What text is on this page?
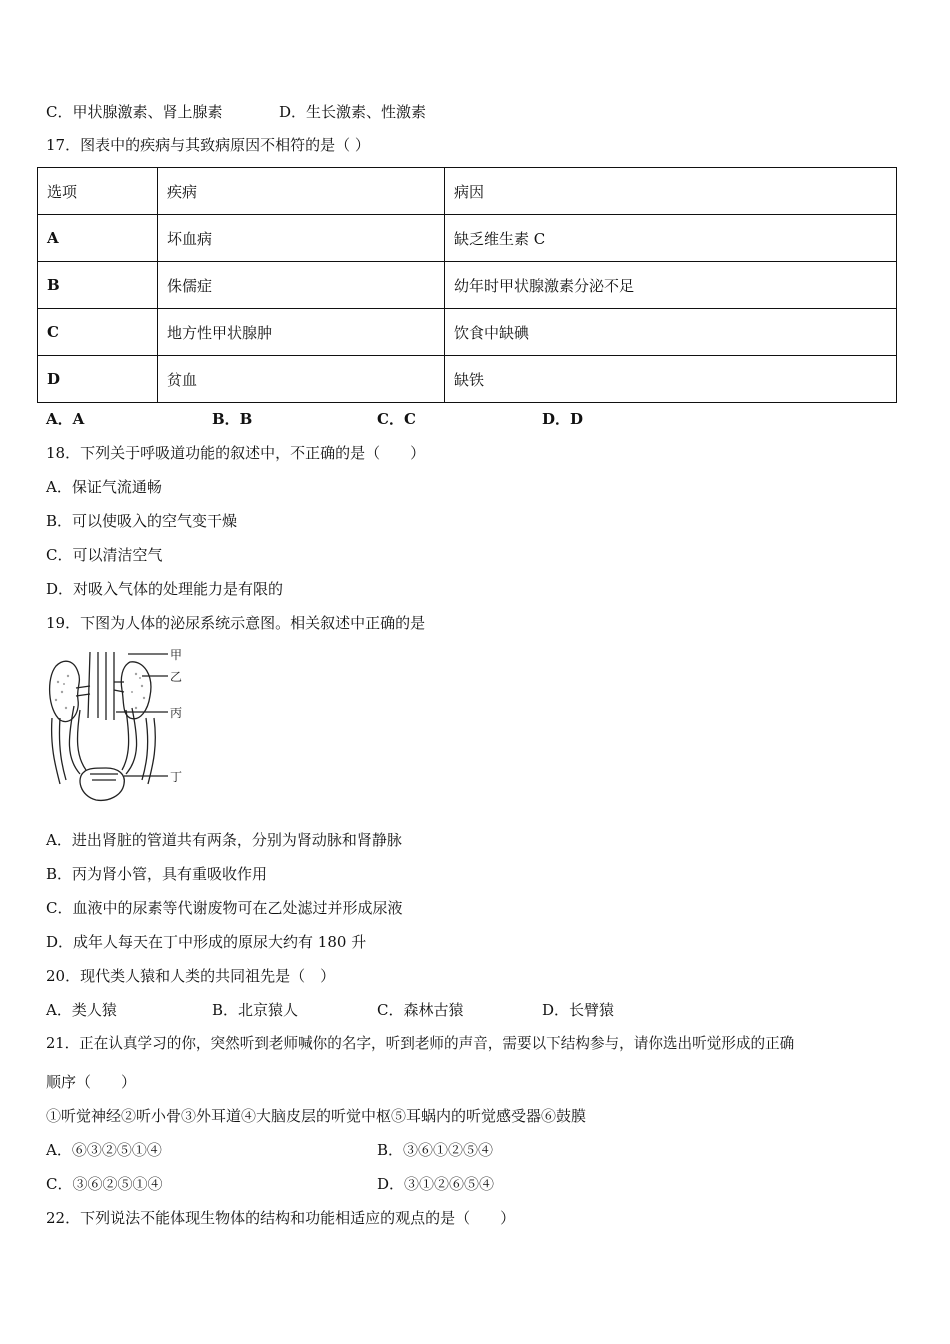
C．甲状腺激素、肾上腺素	D．生长激素、性激素
17．图表中的疾病与其致病原因不相符的是（ ）
选项	疾病	病因
A	坏血病	缺乏维生素 C
B	侏儒症	幼年时甲状腺激素分泌不足
C	地方性甲状腺肿	饮食中缺碘
D	贫血	缺铁
A．A	B．B	C．C	D．D
18．下列关于呼吸道功能的叙述中，不正确的是（　　）
A．保证气流通畅
B．可以使吸入的空气变干燥
C．可以清洁空气
D．对吸入气体的处理能力是有限的
19．下图为人体的泌尿系统示意图。相关叙述中正确的是
甲
乙
丙
丁
A．进出肾脏的管道共有两条，分别为肾动脉和肾静脉
B．丙为肾小管，具有重吸收作用
C．血液中的尿素等代谢废物可在乙处滤过并形成尿液
D．成年人每天在丁中形成的原尿大约有 180 升
20．现代类人猿和人类的共同祖先是（　）
A．类人猿	B．北京猿人	C．森林古猿	D．长臂猿
21．正在认真学习的你，突然听到老师喊你的名字，听到老师的声音，需要以下结构参与，请你选出听觉形成的正确
顺序（　　）
①听觉神经②听小骨③外耳道④大脑皮层的听觉中枢⑤耳蜗内的听觉感受器⑥鼓膜
A．⑥③②⑤①④	B．③⑥①②⑤④
C．③⑥②⑤①④	D．③①②⑥⑤④
22．下列说法不能体现生物体的结构和功能相适应的观点的是（　　）
